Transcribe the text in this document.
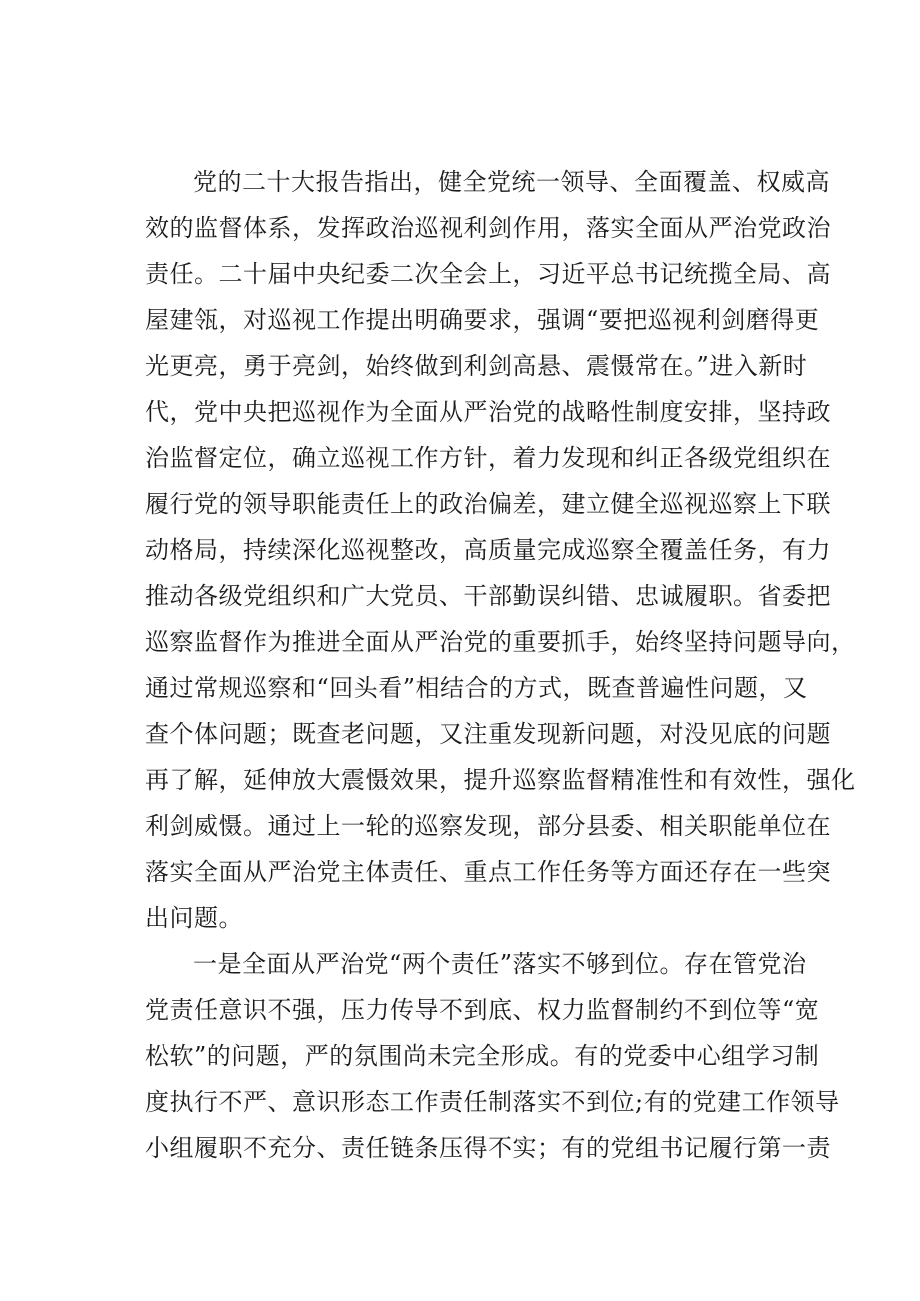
党的二十大报告指出，健全党统一领导、全面覆盖、权威高
效的监督体系，发挥政治巡视利剑作用，落实全面从严治党政治
责任。二十届中央纪委二次全会上，习近平总书记统揽全局、高
屋建瓴，对巡视工作提出明确要求，强调“要把巡视利剑磨得更
光更亮，勇于亮剑，始终做到利剑高悬、震慑常在。”进入新时
代，党中央把巡视作为全面从严治党的战略性制度安排，坚持政
治监督定位，确立巡视工作方针，着力发现和纠正各级党组织在
履行党的领导职能责任上的政治偏差，建立健全巡视巡察上下联
动格局，持续深化巡视整改，高质量完成巡察全覆盖任务，有力
推动各级党组织和广大党员、干部勤误纠错、忠诚履职。省委把
巡察监督作为推进全面从严治党的重要抓手，始终坚持问题导向，
通过常规巡察和“回头看”相结合的方式，既查普遍性问题，又
查个体问题；既查老问题，又注重发现新问题，对没见底的问题
再了解，延伸放大震慑效果，提升巡察监督精准性和有效性，强化
利剑威慑。通过上一轮的巡察发现，部分县委、相关职能单位在
落实全面从严治党主体责任、重点工作任务等方面还存在一些突
出问题。
一是全面从严治党“两个责任”落实不够到位。存在管党治
党责任意识不强，压力传导不到底、权力监督制约不到位等“宽
松软”的问题，严的氛围尚未完全形成。有的党委中心组学习制
度执行不严、意识形态工作责任制落实不到位;有的党建工作领导
小组履职不充分、责任链条压得不实；有的党组书记履行第一责
